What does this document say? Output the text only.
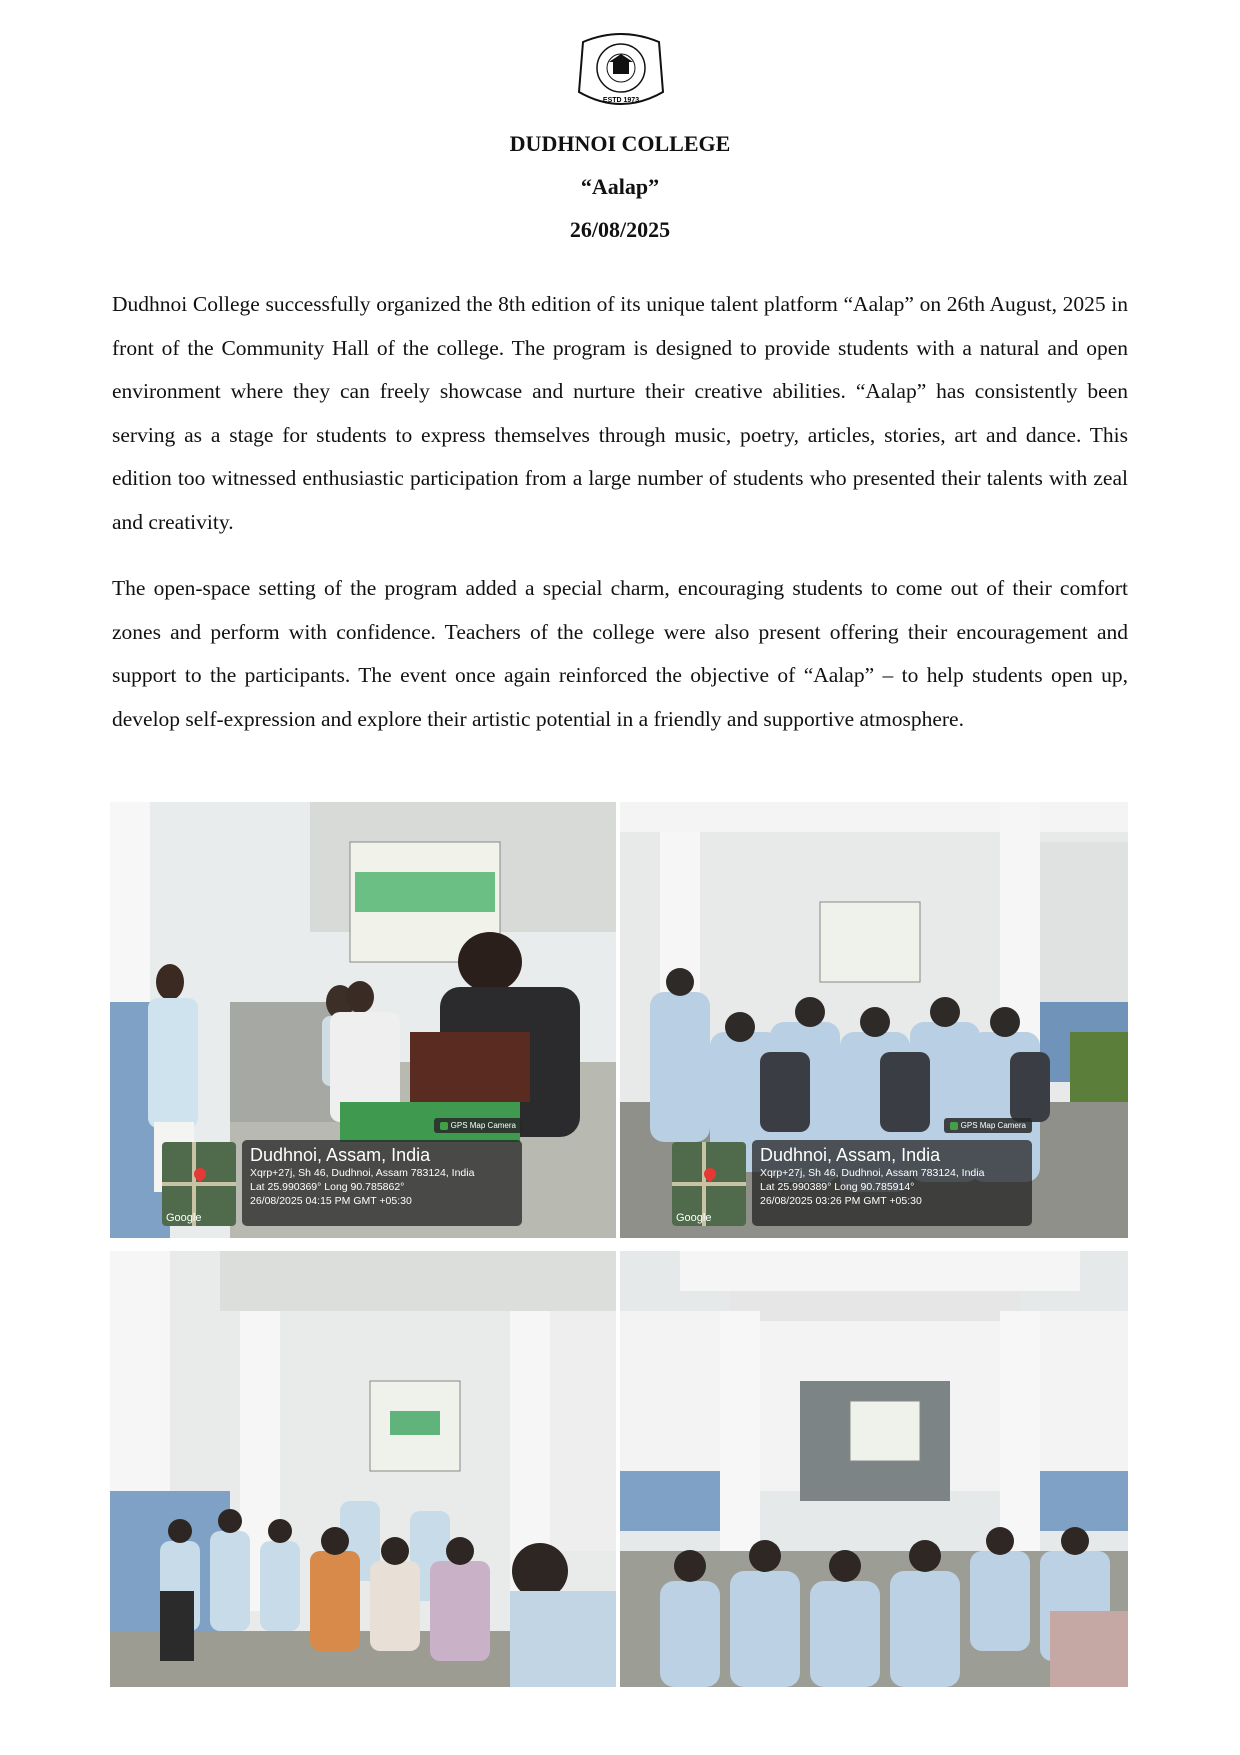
ESTD 1973
DUDHNOI COLLEGE
“Aalap”
26/08/2025

Dudhnoi College successfully organized the 8th edition of its unique talent platform “Aalap” on 26th August, 2025 in front of the Community Hall of the college. The program is designed to provide students with a natural and open environment where they can freely showcase and nurture their creative abilities. “Aalap” has consistently been serving as a stage for students to express themselves through music, poetry, articles, stories, art and dance. This edition too witnessed enthusiastic participation from a large number of students who presented their talents with zeal and creativity.

The open-space setting of the program added a special charm, encouraging students to come out of their comfort zones and perform with confidence. Teachers of the college were also present offering their encouragement and support to the participants. The event once again reinforced the objective of “Aalap” – to help students open up, develop self-expression and explore their artistic potential in a friendly and supportive atmosphere.

GPS Map Camera
Google
Dudhnoi, Assam, India
Xqrp+27j, Sh 46, Dudhnoi, Assam 783124, India
Lat 25.990369° Long 90.785862°
26/08/2025 04:15 PM GMT +05:30
GPS Map Camera
Google
Dudhnoi, Assam, India
Xqrp+27j, Sh 46, Dudhnoi, Assam 783124, India
Lat 25.990389° Long 90.785914°
26/08/2025 03:26 PM GMT +05:30
